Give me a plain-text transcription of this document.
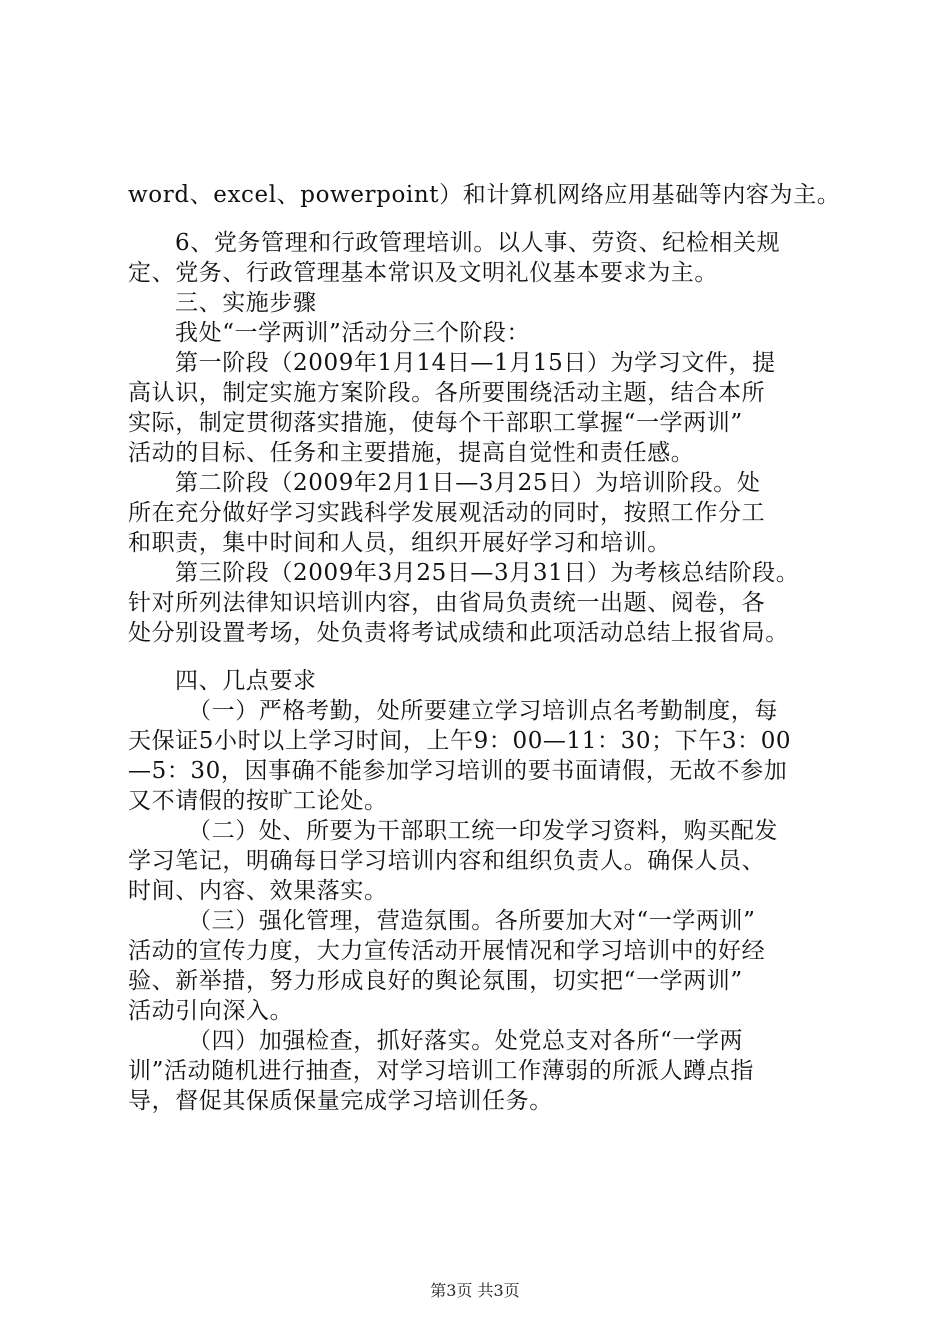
word、excel、powerpoint）和计算机网络应用基础等内容为主。
6、党务管理和行政管理培训。以人事、劳资、纪检相关规
定、党务、行政管理基本常识及文明礼仪基本要求为主。
三、实施步骤
我处“一学两训”活动分三个阶段：
第一阶段（2009年1月14日—1月15日）为学习文件，提
高认识，制定实施方案阶段。各所要围绕活动主题，结合本所
实际，制定贯彻落实措施，使每个干部职工掌握“一学两训”
活动的目标、任务和主要措施，提高自觉性和责任感。
第二阶段（2009年2月1日—3月25日）为培训阶段。处
所在充分做好学习实践科学发展观活动的同时，按照工作分工
和职责，集中时间和人员，组织开展好学习和培训。
第三阶段（2009年3月25日—3月31日）为考核总结阶段。
针对所列法律知识培训内容，由省局负责统一出题、阅卷，各
处分别设置考场，处负责将考试成绩和此项活动总结上报省局。
四、几点要求
（一）严格考勤，处所要建立学习培训点名考勤制度，每
天保证5小时以上学习时间，上午9：00—11：30；下午3：00
—5：30，因事确不能参加学习培训的要书面请假，无故不参加
又不请假的按旷工论处。
（二）处、所要为干部职工统一印发学习资料，购买配发
学习笔记，明确每日学习培训内容和组织负责人。确保人员、
时间、内容、效果落实。
（三）强化管理，营造氛围。各所要加大对“一学两训”
活动的宣传力度，大力宣传活动开展情况和学习培训中的好经
验、新举措，努力形成良好的舆论氛围，切实把“一学两训”
活动引向深入。
（四）加强检查，抓好落实。处党总支对各所“一学两
训”活动随机进行抽查，对学习培训工作薄弱的所派人蹲点指
导，督促其保质保量完成学习培训任务。
第3页 共3页
